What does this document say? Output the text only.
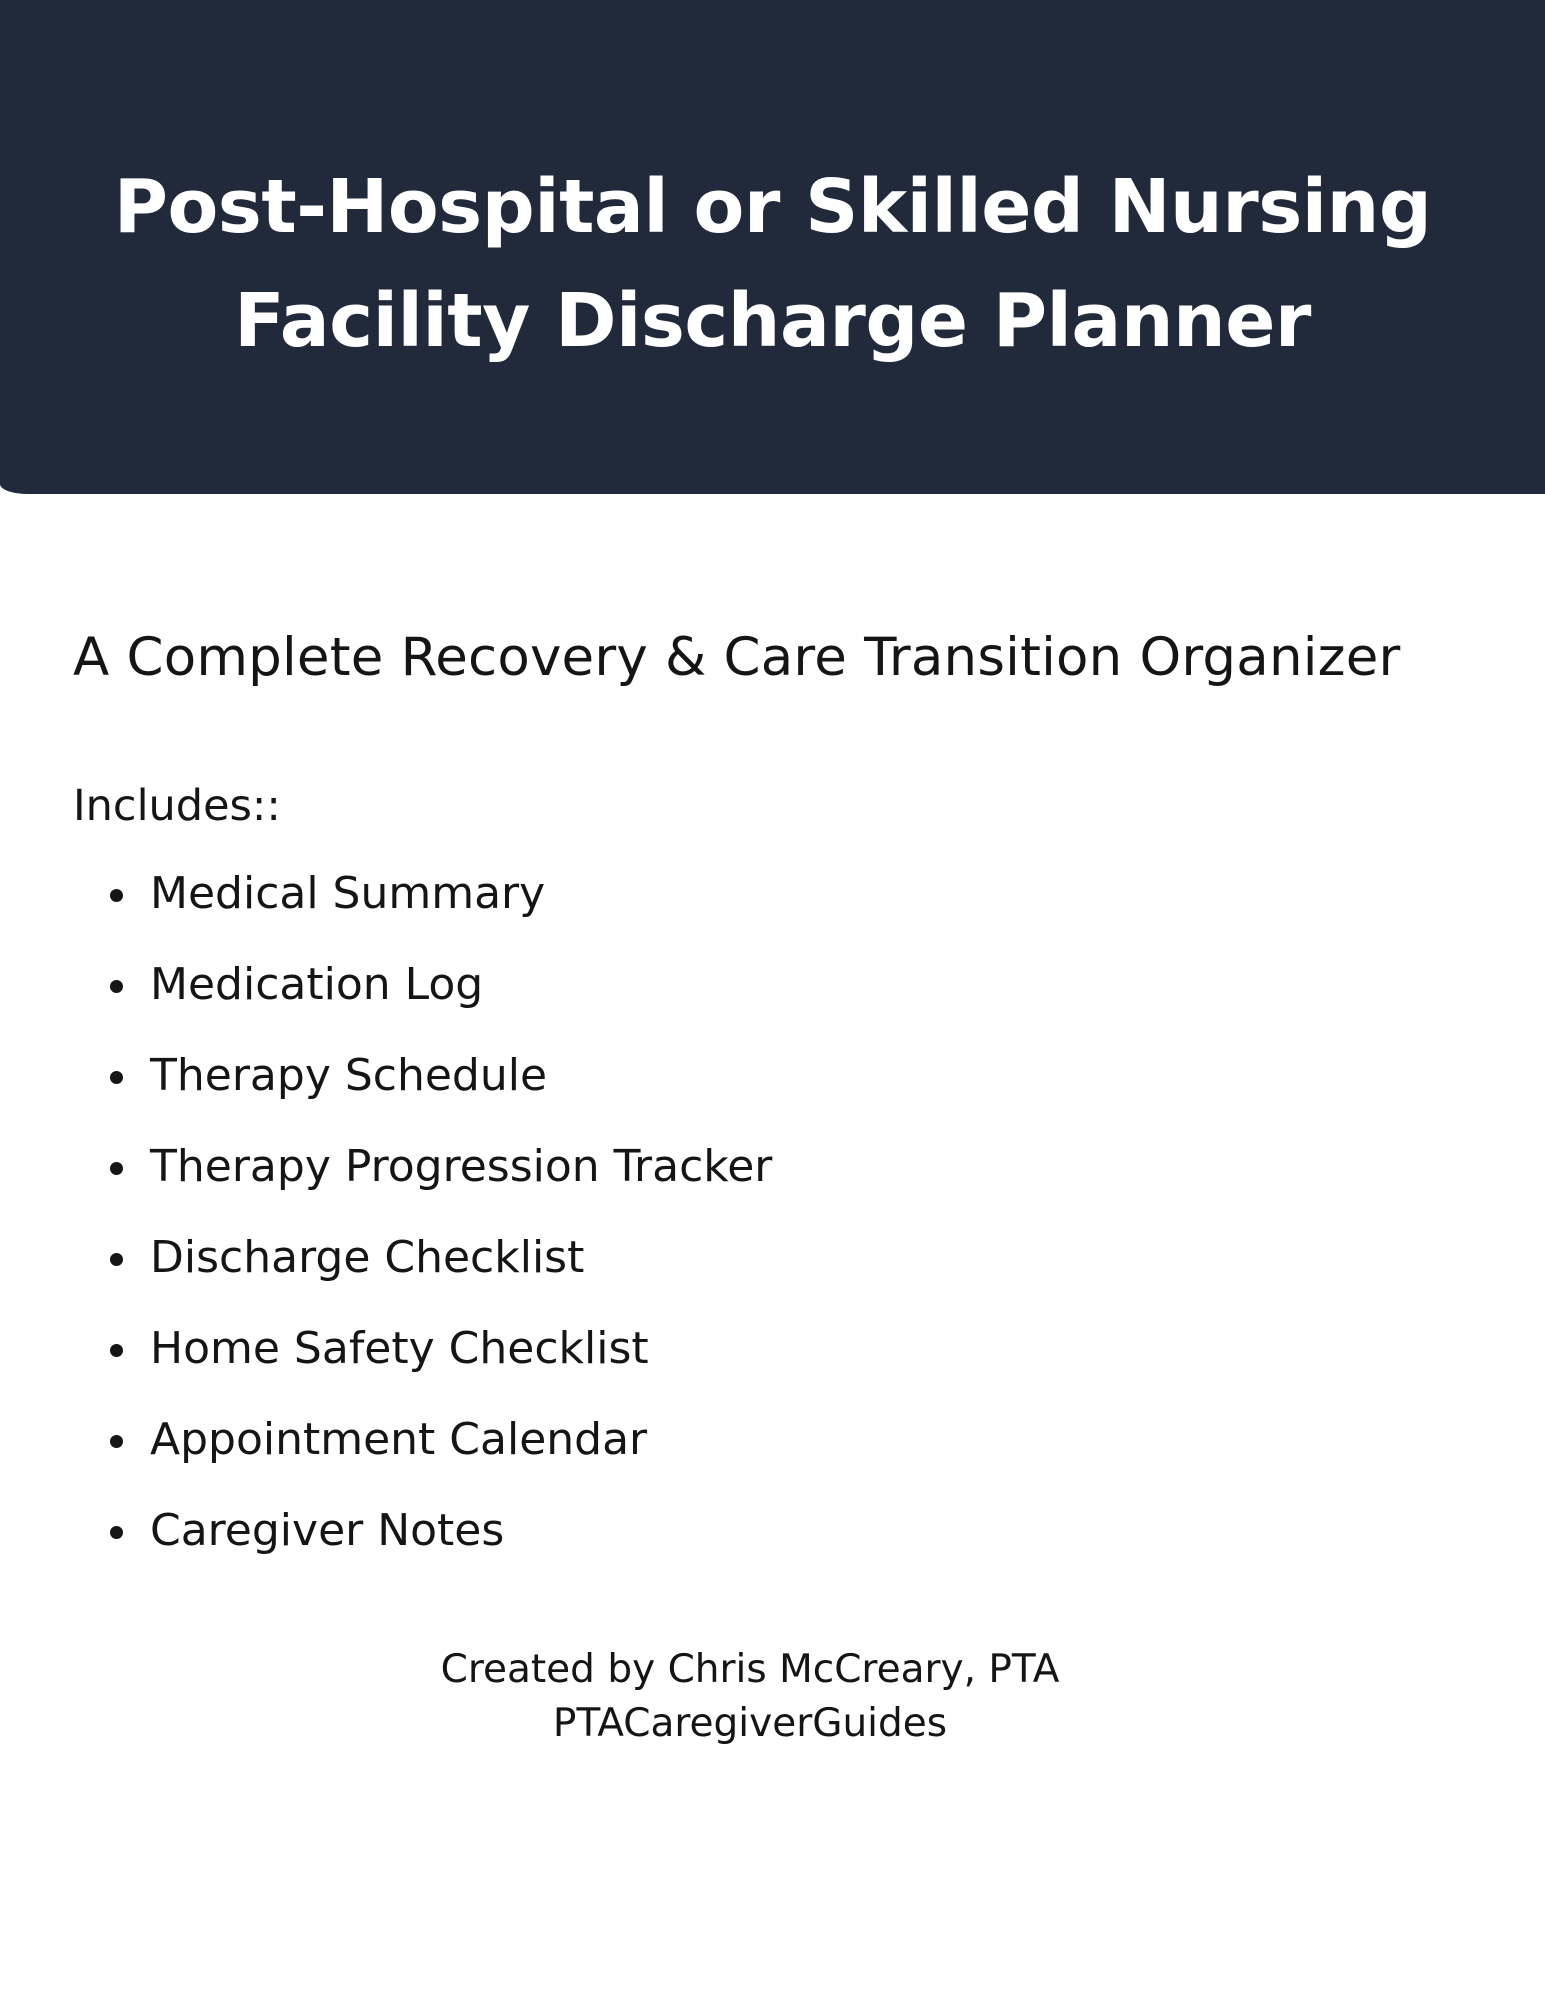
Post-Hospital or Skilled Nursing
Facility Discharge Planner
A Complete Recovery & Care Transition Organizer

Includes::

Medical Summary
Medication Log
Therapy Schedule
Therapy Progression Tracker
Discharge Checklist
Home Safety Checklist
Appointment Calendar
Caregiver Notes
Created by Chris McCreary, PTA
PTACaregiverGuides
